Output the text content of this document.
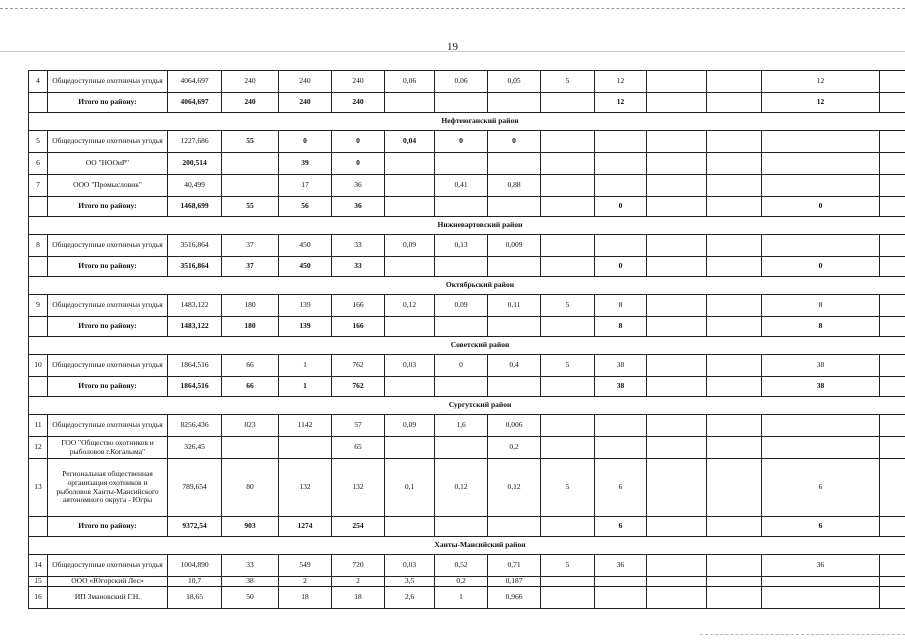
19
4	Общедоступные охотничьи угодья	4064,697	240	240	240	0,06	0,06	0,05	5	12			12	
	Итого по району:	4064,697	240	240	240					12			12	
Нефтеюганский район														
5	Общедоступные охотничьи угодья	1227,686	55	0	0	0,04	0	0						
6	ОО "НООиР"	200,514		39	0									
7	ООО "Промысловик"	40,499		17	36		0,41	0,88						
	Итого по району:	1468,699	55	56	36					0			0	
Нижневартовский район														
8	Общедоступные охотничьи угодья	3516,864	37	450	33	0,09	0,13	0,009						
	Итого по району:	3516,864	37	450	33					0			0	
Октябрьский район														
9	Общедоступные охотничьи угодья	1483,122	180	139	166	0,12	0,09	0,11	5	8			8	
	Итого по району:	1483,122	180	139	166					8			8	
Советский район														
10	Общедоступные охотничьи угодья	1864,516	66	1	762	0,03	0	0,4	5	38			38	
	Итого по району:	1864,516	66	1	762					38			38	
Сургутский район														
11	Общедоступные охотничьи угодья	8256,436	823	1142	57	0,09	1,6	0,006						
12	ГОО "Общество охотников и рыболовов г.Когалыма"	326,45			65			0,2						
13	Региональная общественная организация охотников и рыболовов Ханты-Мансийского автономного округа - Югры	789,654	80	132	132	0,1	0,12	0,12	5	6			6	
	Итого по району:	9372,54	903	1274	254					6			6	
Ханты-Мансийский район														
14	Общедоступные охотничьи угодья	1004,890	33	549	720	0,03	0,52	0,71	5	36			36	
15	ООО «Югорский Лес»	10,7	38	2	2	3,5	0,2	0,187						
16	ИП Змановский Г.Н.	18,65	50	18	18	2,6	1	0,966						
